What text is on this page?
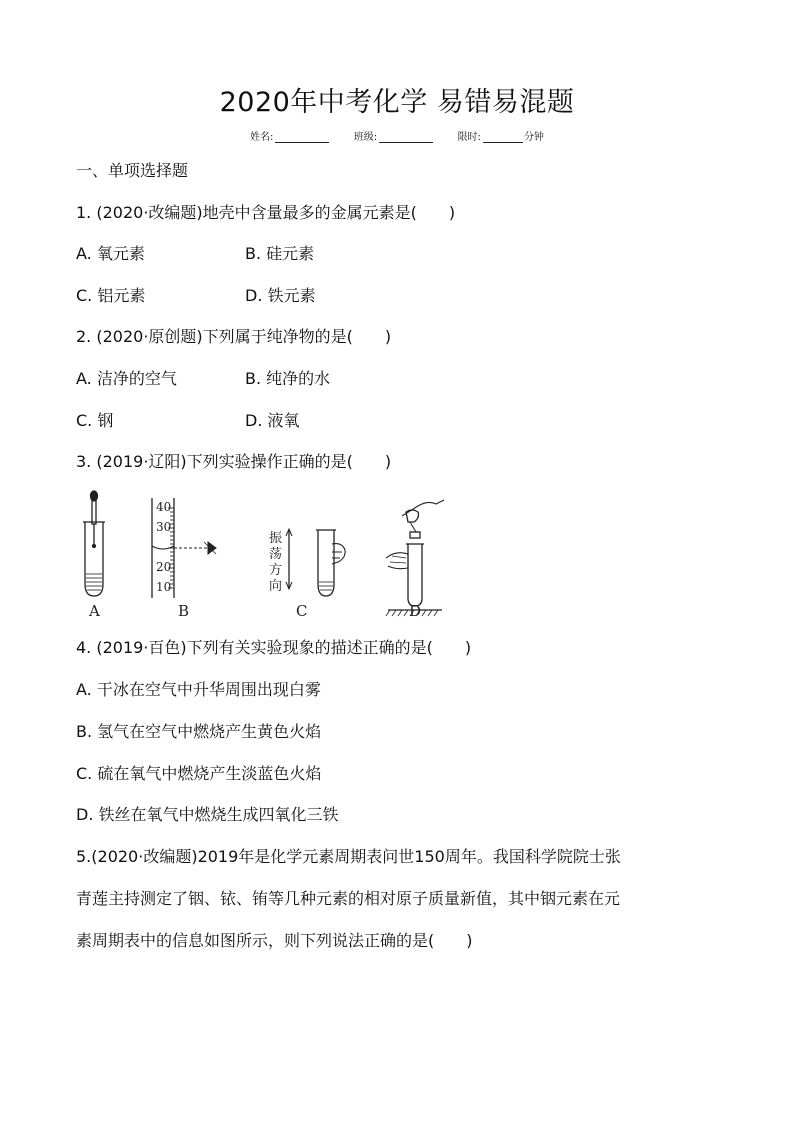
2020年中考化学 易错易混题
姓名:	班级:	限时:	分钟
一、单项选择题
1. (2020·改编题)地壳中含量最多的金属元素是(　　)
A. 氧元素	B. 硅元素
C. 铝元素	D. 铁元素
2. (2020·原创题)下列属于纯净物的是(　　)
A. 洁净的空气	B. 纯净的水
C. 钢	D. 液氧
3. (2019·辽阳)下列实验操作正确的是(　　)
40
30
20
10
振
荡
方
向
A	B	C	D
4. (2019·百色)下列有关实验现象的描述正确的是(　　)
A. 干冰在空气中升华周围出现白雾
B. 氢气在空气中燃烧产生黄色火焰
C. 硫在氧气中燃烧产生淡蓝色火焰
D. 铁丝在氧气中燃烧生成四氧化三铁
5.(2020·改编题)2019年是化学元素周期表问世150周年。我国科学院院士张
青莲主持测定了铟、铱、铕等几种元素的相对原子质量新值，其中铟元素在元
素周期表中的信息如图所示，则下列说法正确的是(　　)
